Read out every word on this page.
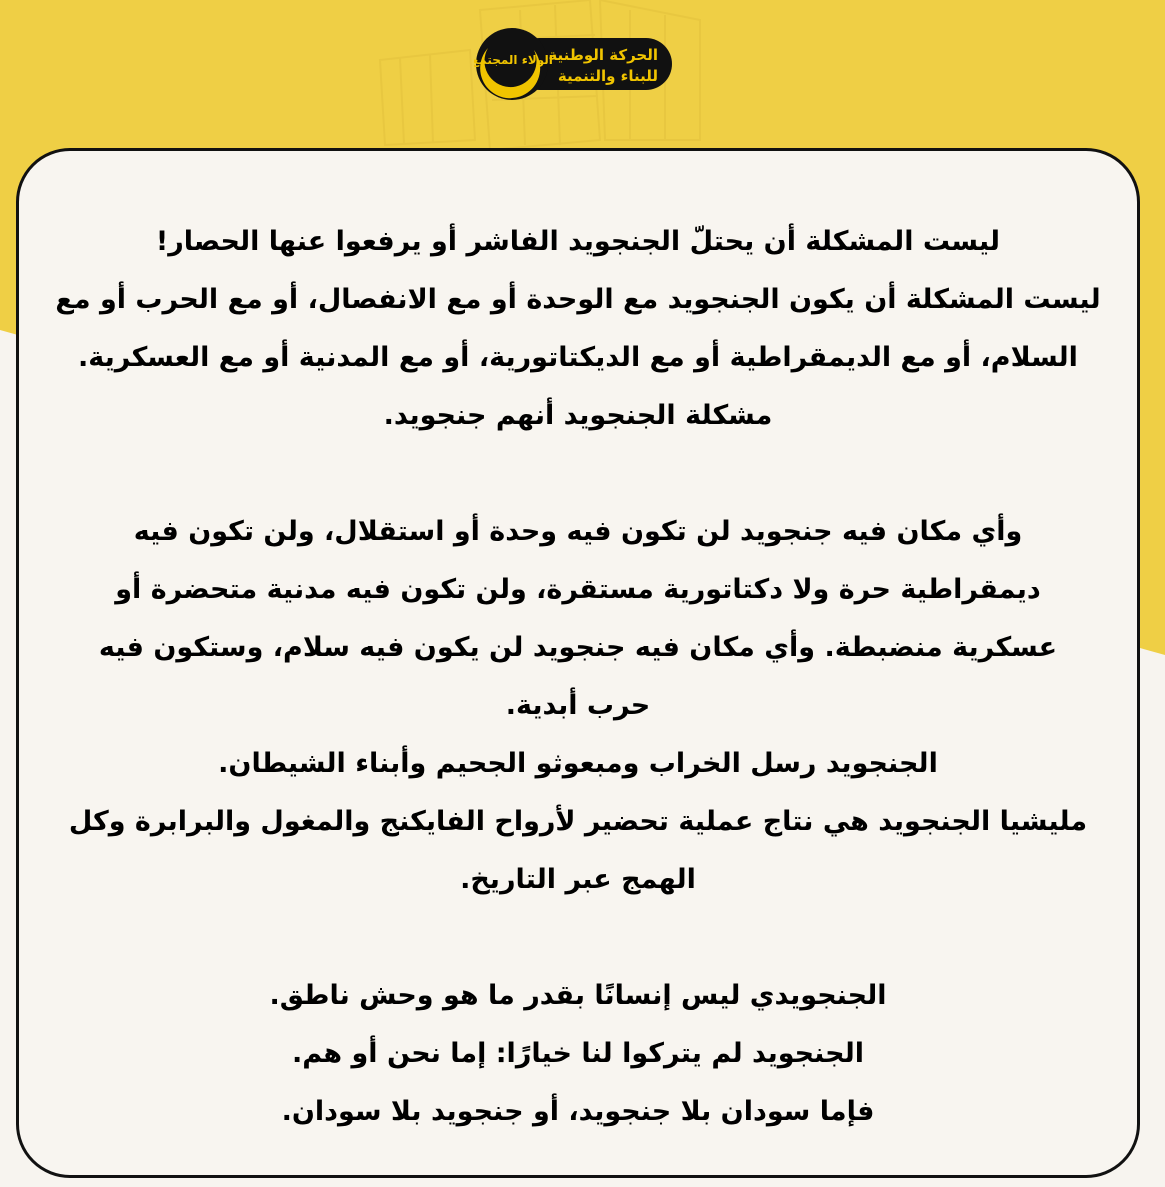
الولاء المجتمع
الحركة الوطنية
للبناء والتنمية

ليست المشكلة أن يحتلّ الجنجويد الفاشر أو يرفعوا عنها الحصار!

ليست المشكلة أن يكون الجنجويد مع الوحدة أو مع الانفصال، أو مع الحرب أو مع

السلام، أو مع الديمقراطية أو مع الديكتاتورية، أو مع المدنية أو مع العسكرية.

مشكلة الجنجويد أنهم جنجويد.

وأي مكان فيه جنجويد لن تكون فيه وحدة أو استقلال، ولن تكون فيه

ديمقراطية حرة ولا دكتاتورية مستقرة، ولن تكون فيه مدنية متحضرة أو

عسكرية منضبطة. وأي مكان فيه جنجويد لن يكون فيه سلام، وستكون فيه

حرب أبدية.

الجنجويد رسل الخراب ومبعوثو الجحيم وأبناء الشيطان.

مليشيا الجنجويد هي نتاج عملية تحضير لأرواح الفايكنج والمغول والبرابرة وكل

الهمج عبر التاريخ.

الجنجويدي ليس إنسانًا بقدر ما هو وحش ناطق.

الجنجويد لم يتركوا لنا خيارًا: إما نحن أو هم.

فإما سودان بلا جنجويد، أو جنجويد بلا سودان.
